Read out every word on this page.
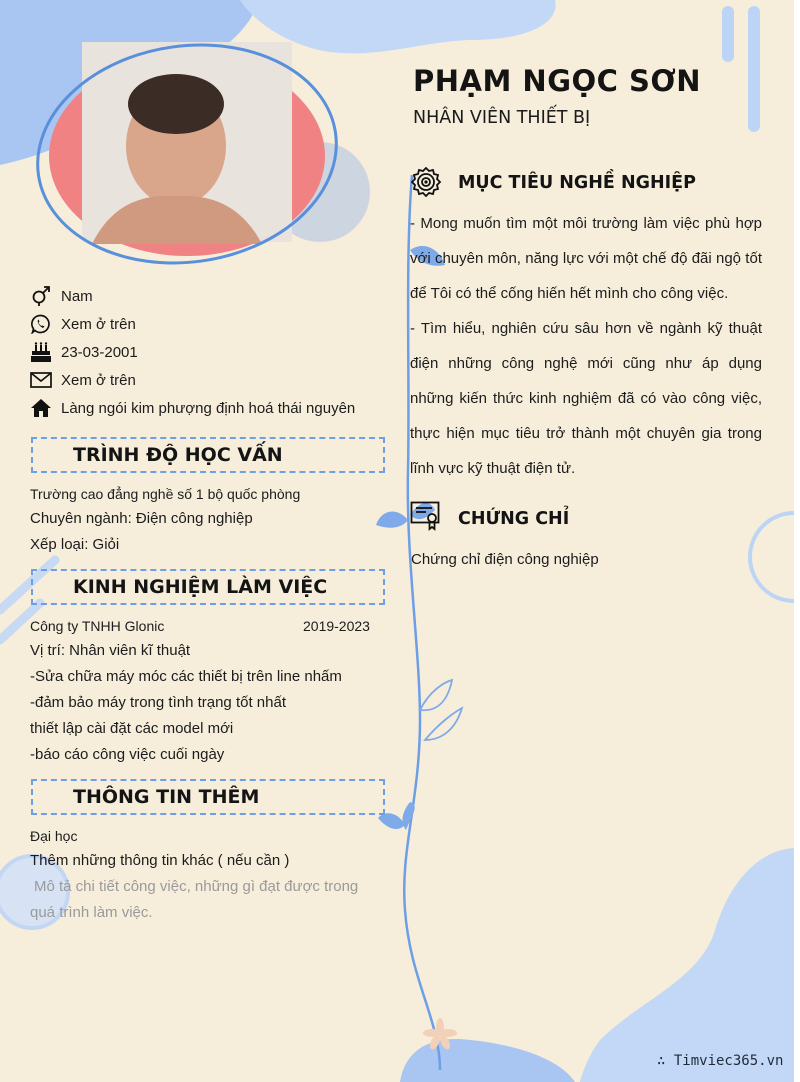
PHẠM NGỌC SƠN
NHÂN VIÊN THIẾT BỊ
Nam
Xem ở trên
23-03-2001
Xem ở trên
Làng ngói kim phượng định hoá thái nguyên
TRÌNH ĐỘ HỌC VẤN
Trường cao đẳng nghề số 1 bộ quốc phòng
Chuyên ngành: Điện công nghiệp
Xếp loại: Giỏi
KINH NGHIỆM LÀM VIỆC
Công ty TNHH Glonic	2019-2023
Vị trí: Nhân viên kĩ thuật
-Sửa chữa máy móc các thiết bị trên line nhấm
-đảm bảo máy trong tình trạng tốt nhất
thiết lập cài đặt các model mới
-báo cáo công việc cuối ngày
THÔNG TIN THÊM
Đại học
Thêm những thông tin khác ( nếu cần )
Mô tả chi tiết công việc, những gì đạt được trong
quá trình làm việc.
MỤC TIÊU NGHỀ NGHIỆP

- Mong muốn tìm một môi trường làm việc phù hợp với chuyên môn, năng lực với một chế độ đãi ngộ tốt để Tôi có thể cống hiến hết mình cho công việc.

- Tìm hiểu, nghiên cứu sâu hơn về ngành kỹ thuật điện những công nghệ mới cũng như áp dụng những kiến thức kinh nghiệm đã có vào công việc, thực hiện mục tiêu trở thành một chuyên gia trong lĩnh vực kỹ thuật điện tử.

CHỨNG CHỈ
Chứng chỉ điện công nghiệp
∴ Timviec365.vn
